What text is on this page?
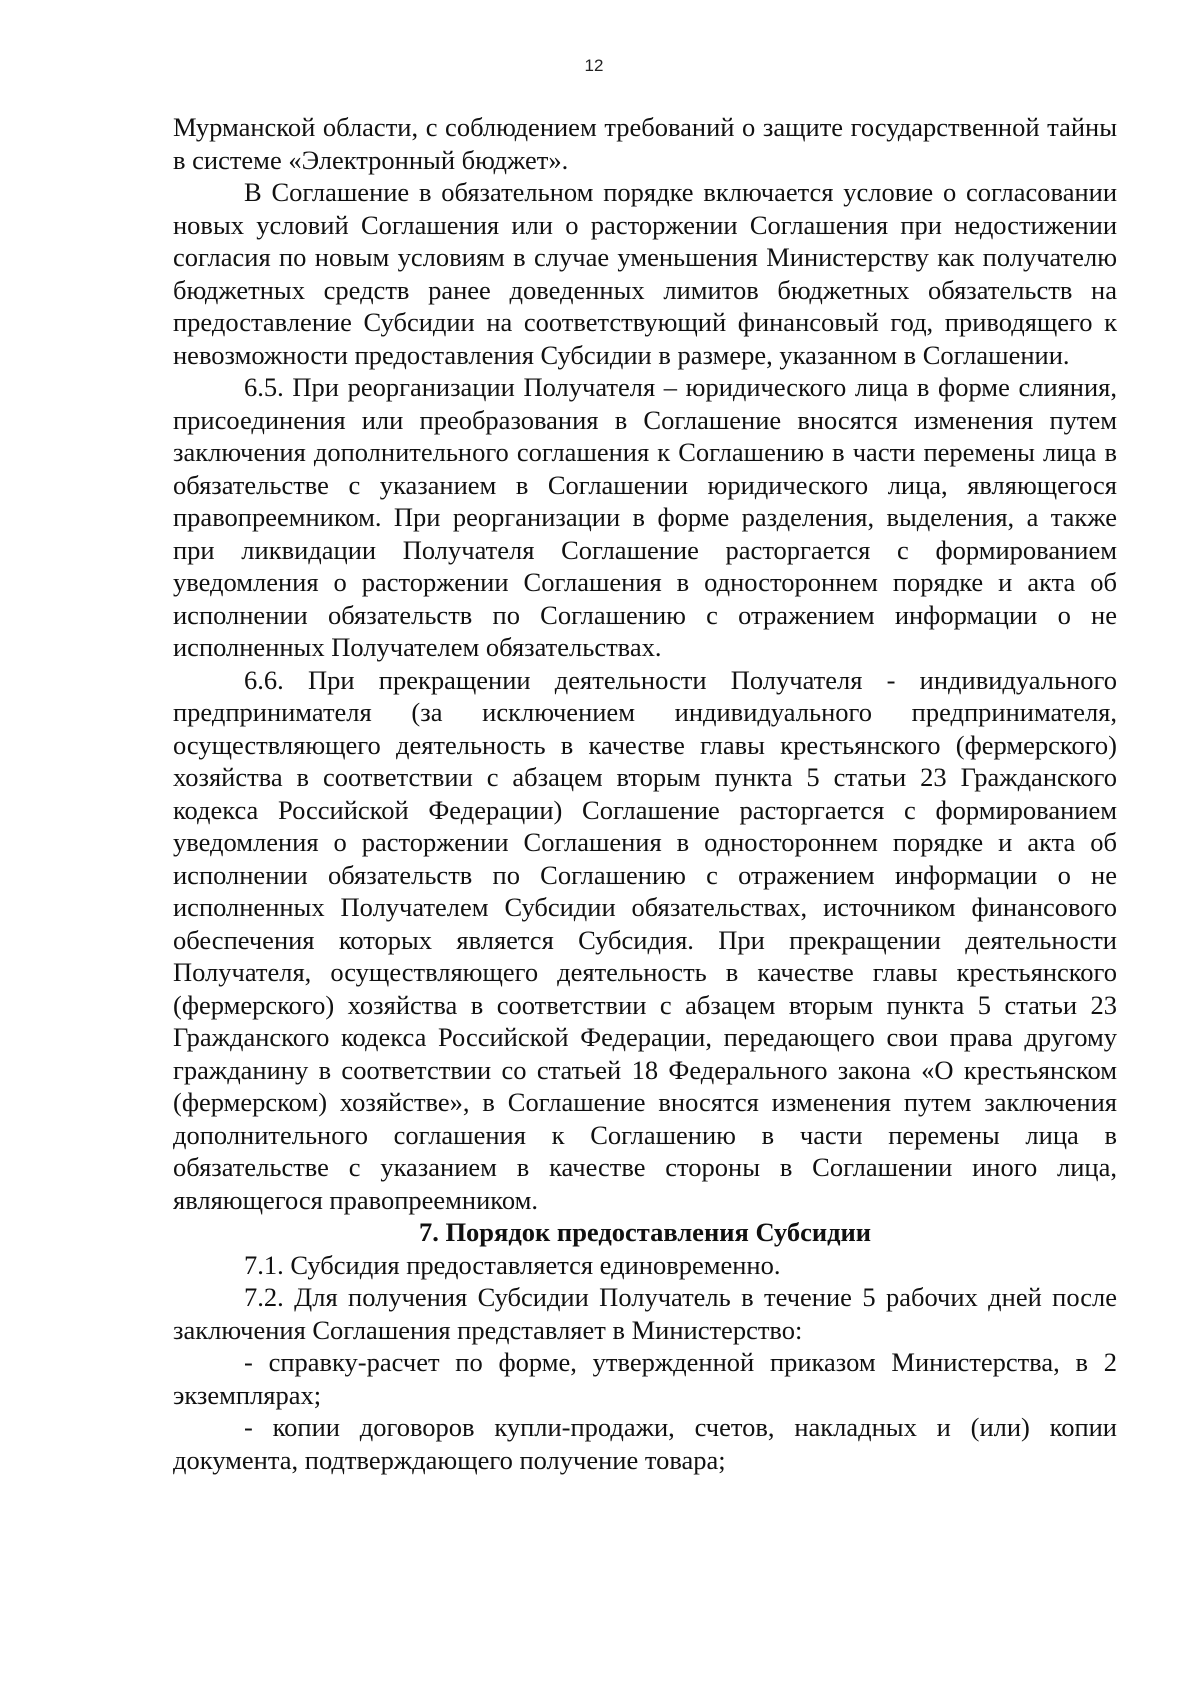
12

Мурманской области, с соблюдением требований о защите государственной тайны в системе «Электронный бюджет».

В Соглашение в обязательном порядке включается условие о согласовании новых условий Соглашения или о расторжении Соглашения при недостижении согласия по новым условиям в случае уменьшения Министерству как получателю бюджетных средств ранее доведенных лимитов бюджетных обязательств на предоставление Субсидии на соответствующий финансовый год, приводящего к невозможности предоставления Субсидии в размере, указанном в Соглашении.

6.5. При реорганизации Получателя – юридического лица в форме слияния, присоединения или преобразования в Соглашение вносятся изменения путем заключения дополнительного соглашения к Соглашению в части перемены лица в обязательстве с указанием в Соглашении юридического лица, являющегося правопреемником. При реорганизации в форме разделения, выделения, а также при ликвидации Получателя Соглашение расторгается с формированием уведомления о расторжении Соглашения в одностороннем порядке и акта об исполнении обязательств по Соглашению с отражением информации о не исполненных Получателем обязательствах.

6.6. При прекращении деятельности Получателя - индивидуального предпринимателя (за исключением индивидуального предпринимателя, осуществляющего деятельность в качестве главы крестьянского (фермерского) хозяйства в соответствии с абзацем вторым пункта 5 статьи 23 Гражданского кодекса Российской Федерации) Соглашение расторгается с формированием уведомления о расторжении Соглашения в одностороннем порядке и акта об исполнении обязательств по Соглашению с отражением информации о не исполненных Получателем Субсидии обязательствах, источником финансового обеспечения которых является Субсидия. При прекращении деятельности Получателя, осуществляющего деятельность в качестве главы крестьянского (фермерского) хозяйства в соответствии с абзацем вторым пункта 5 статьи 23 Гражданского кодекса Российской Федерации, передающего свои права другому гражданину в соответствии со статьей 18 Федерального закона «О крестьянском (фермерском) хозяйстве», в Соглашение вносятся изменения путем заключения дополнительного соглашения к Соглашению в части перемены лица в обязательстве с указанием в качестве стороны в Соглашении иного лица, являющегося правопреемником.

7. Порядок предоставления Субсидии

7.1. Субсидия предоставляется единовременно.

7.2. Для получения Субсидии Получатель в течение 5 рабочих дней после заключения Соглашения представляет в Министерство:

- справку-расчет по форме, утвержденной приказом Министерства, в 2 экземплярах;

- копии договоров купли-продажи, счетов, накладных и (или) копии документа, подтверждающего получение товара;
